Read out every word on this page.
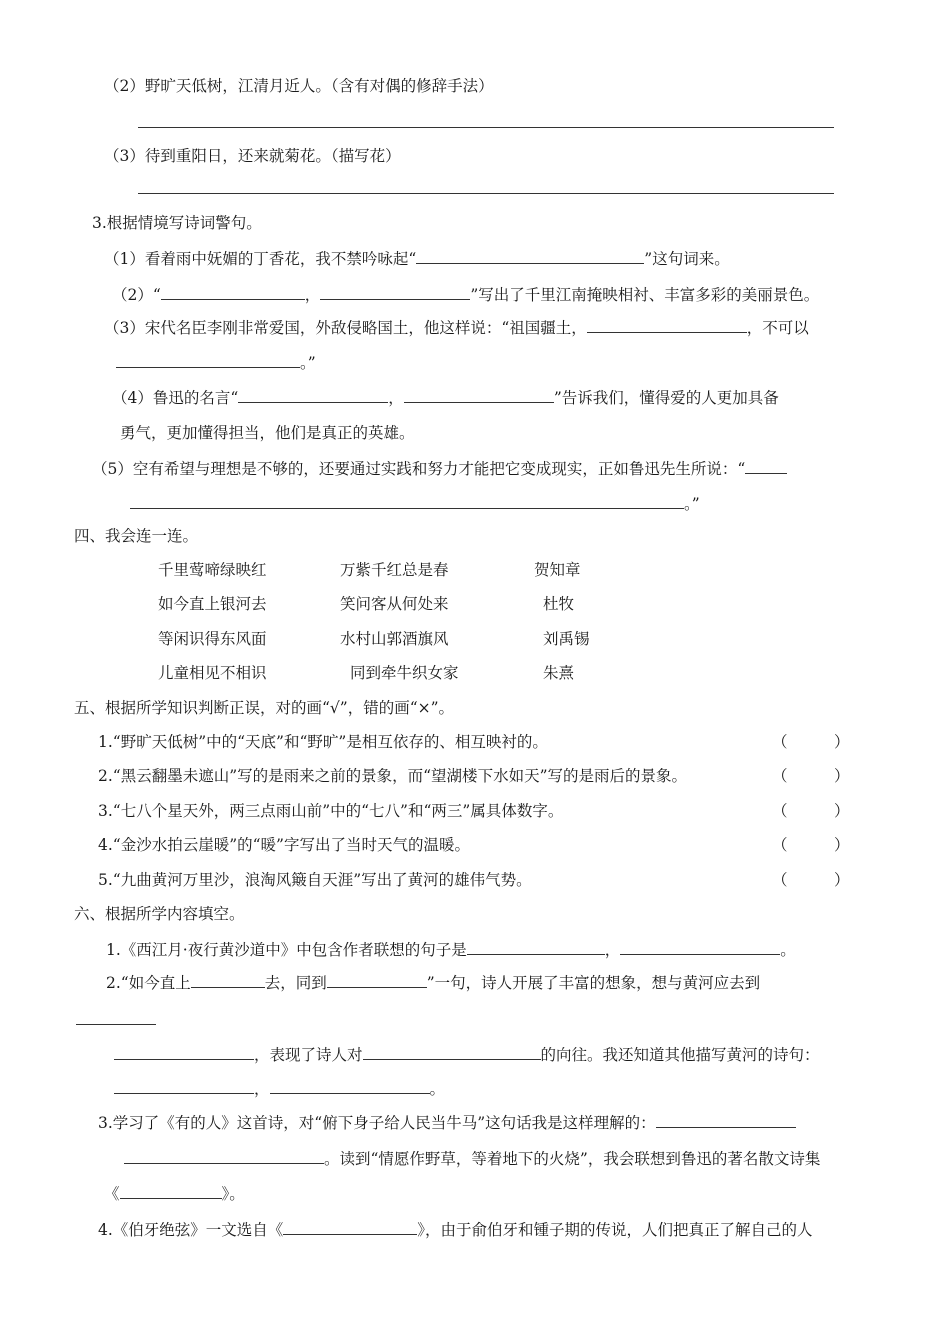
（2）野旷天低树，江清月近人。（含有对偶的修辞手法）
（3）待到重阳日，还来就菊花。（描写花）
3.根据情境写诗词警句。
（1）看着雨中妩媚的丁香花，我不禁吟咏起“	”这句词来。
（2）“	，	”写出了千里江南掩映相衬、丰富多彩的美丽景色。
（3）宋代名臣李刚非常爱国，外敌侵略国土，他这样说：“祖国疆土，	，不可以
。”
（4）鲁迅的名言“	，	”告诉我们，懂得爱的人更加具备
勇气，更加懂得担当，他们是真正的英雄。
（5）空有希望与理想是不够的，还要通过实践和努力才能把它变成现实，正如鲁迅先生所说：“
。”
四、我会连一连。
千里莺啼绿映红	万紫千红总是春	贺知章
如今直上银河去	笑问客从何处来	杜牧
等闲识得东风面	水村山郭酒旗风	刘禹锡
儿童相见不相识	同到牵牛织女家	朱熹
五、根据所学知识判断正误，对的画“√”，错的画“×”。
1.“野旷天低树”中的“天底”和“野旷”是相互依存的、相互映衬的。	（　　　）
2.“黑云翻墨未遮山”写的是雨来之前的景象，而“望湖楼下水如天”写的是雨后的景象。	（　　　）
3.“七八个星天外，两三点雨山前”中的“七八”和“两三”属具体数字。	（　　　）
4.“金沙水拍云崖暖”的“暖”字写出了当时天气的温暖。	（　　　）
5.“九曲黄河万里沙，浪淘风簸自天涯”写出了黄河的雄伟气势。	（　　　）
六、根据所学内容填空。
1.《西江月·夜行黄沙道中》中包含作者联想的句子是	，	。
2.“如今直上	去，同到	”一句，诗人开展了丰富的想象，想与黄河应去到
，表现了诗人对	的向往。我还知道其他描写黄河的诗句：
，	。
3.学习了《有的人》这首诗，对“俯下身子给人民当牛马”这句话我是这样理解的：
。读到“情愿作野草，等着地下的火烧”，我会联想到鲁迅的著名散文诗集
《	》。
4.《伯牙绝弦》一文选自《	》，由于俞伯牙和锺子期的传说，人们把真正了解自己的人
